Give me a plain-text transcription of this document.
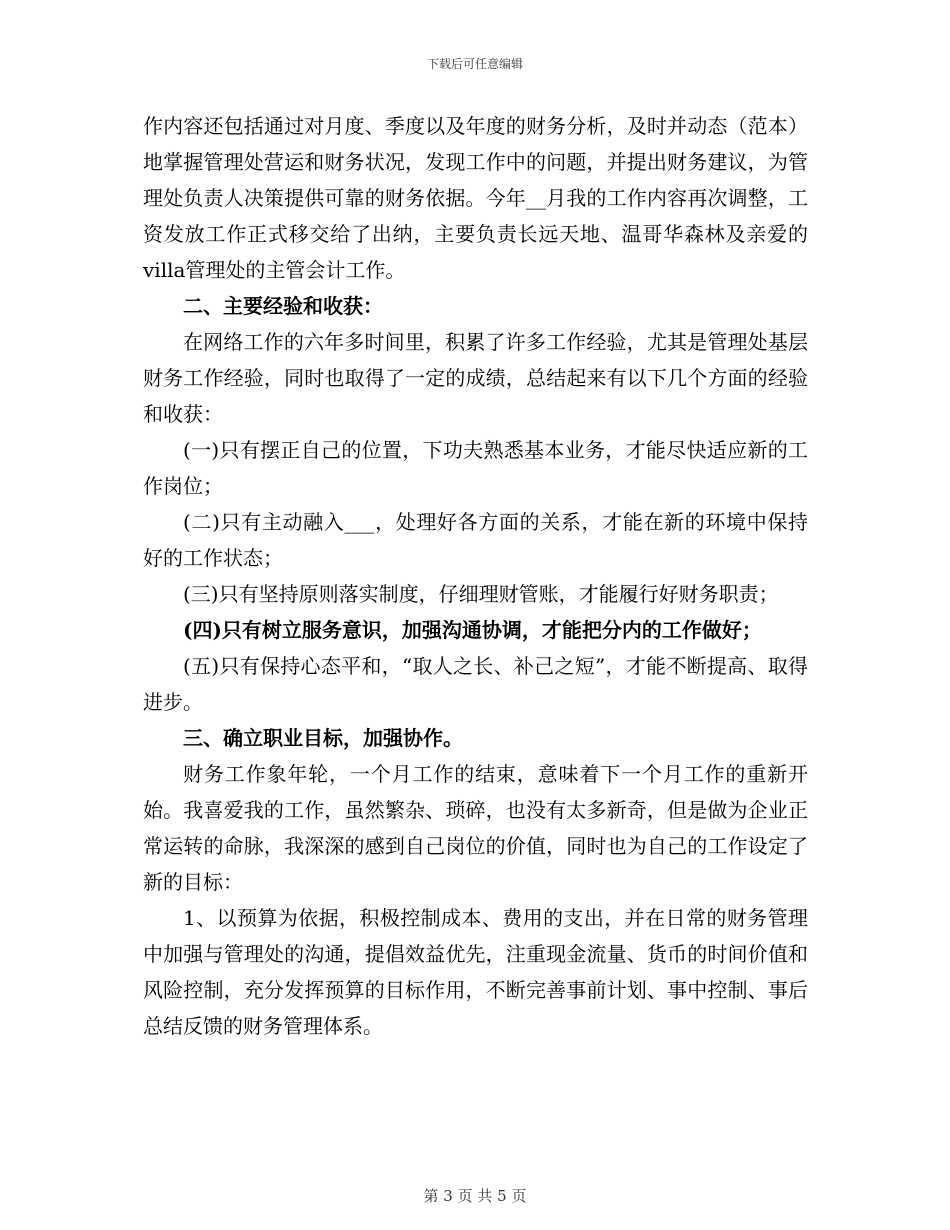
下载后可任意编辑

作内容还包括通过对月度、季度以及年度的财务分析，及时并动态（范本）地掌握管理处营运和财务状况，发现工作中的问题，并提出财务建议，为管理处负责人决策提供可靠的财务依据。今年__月我的工作内容再次调整，工资发放工作正式移交给了出纳，主要负责长远天地、温哥华森林及亲爱的villa管理处的主管会计工作。

二、主要经验和收获：

在网络工作的六年多时间里，积累了许多工作经验，尤其是管理处基层财务工作经验，同时也取得了一定的成绩，总结起来有以下几个方面的经验和收获：

(一)只有摆正自己的位置，下功夫熟悉基本业务，才能尽快适应新的工作岗位；

(二)只有主动融入___，处理好各方面的关系，才能在新的环境中保持好的工作状态；

(三)只有坚持原则落实制度，仔细理财管账，才能履行好财务职责；

(四)只有树立服务意识，加强沟通协调，才能把分内的工作做好；

(五)只有保持心态平和，“取人之长、补己之短”，才能不断提高、取得进步。

三、确立职业目标，加强协作。

财务工作象年轮，一个月工作的结束，意味着下一个月工作的重新开始。我喜爱我的工作，虽然繁杂、琐碎，也没有太多新奇，但是做为企业正常运转的命脉，我深深的感到自己岗位的价值，同时也为自己的工作设定了新的目标：

1、以预算为依据，积极控制成本、费用的支出，并在日常的财务管理中加强与管理处的沟通，提倡效益优先，注重现金流量、货币的时间价值和风险控制，充分发挥预算的目标作用，不断完善事前计划、事中控制、事后总结反馈的财务管理体系。

第 3 页 共 5 页
